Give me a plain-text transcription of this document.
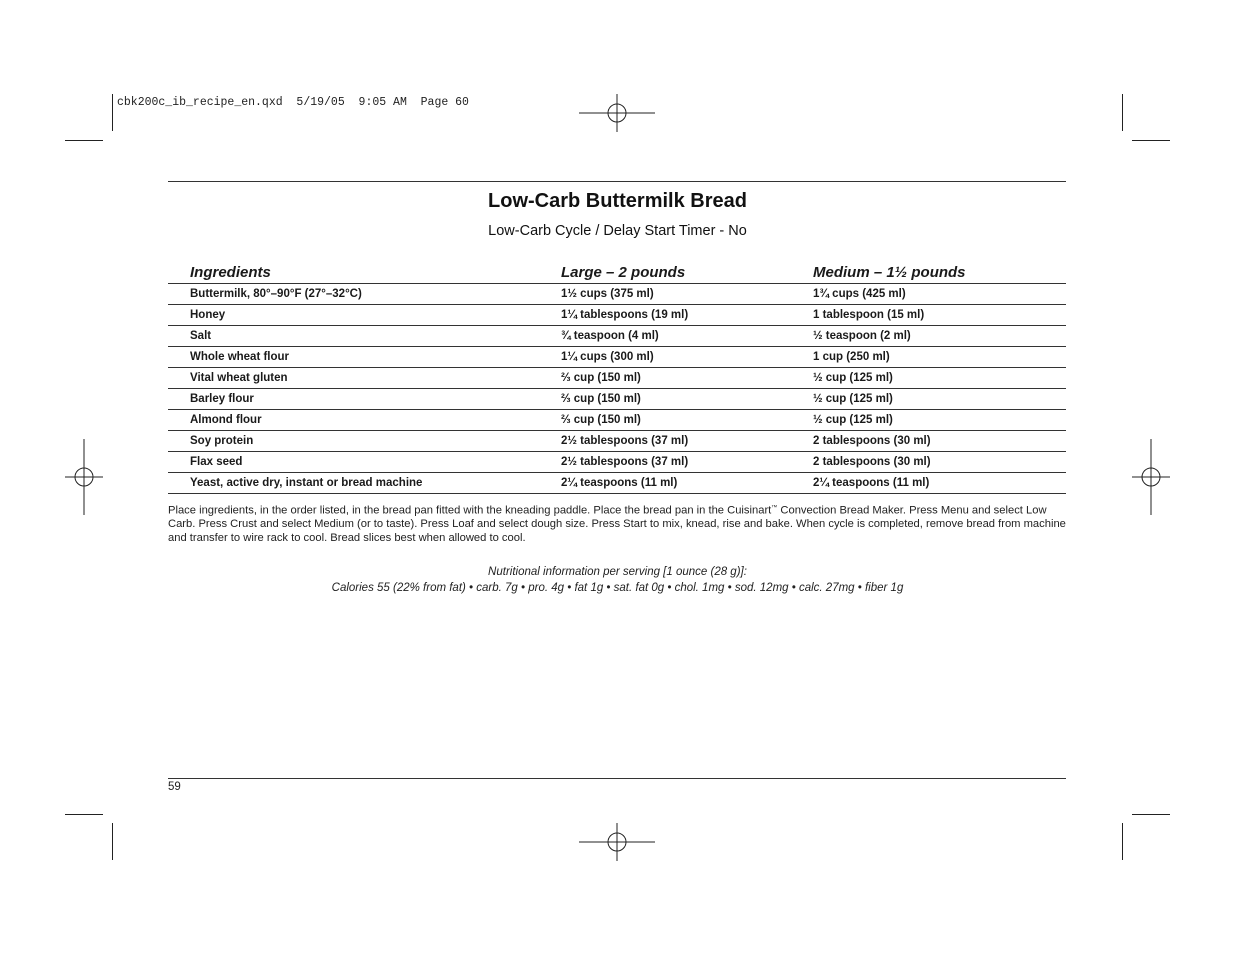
cbk200c_ib_recipe_en.qxd  5/19/05  9:05 AM  Page 60
Low-Carb Buttermilk Bread
Low-Carb Cycle / Delay Start Timer - No
Ingredients	Large – 2 pounds	Medium – 1½ pounds
Buttermilk, 80°–90°F (27°–32°C)	1½ cups (375 ml)	1¾ cups (425 ml)
Honey	1¼ tablespoons (19 ml)	1 tablespoon (15 ml)
Salt	¾ teaspoon (4 ml)	½ teaspoon (2 ml)
Whole wheat flour	1¼ cups (300 ml)	1 cup (250 ml)
Vital wheat gluten	⅔ cup (150 ml)	½ cup (125 ml)
Barley flour	⅔ cup (150 ml)	½ cup (125 ml)
Almond flour	⅔ cup (150 ml)	½ cup (125 ml)
Soy protein	2½ tablespoons (37 ml)	2 tablespoons (30 ml)
Flax seed	2½ tablespoons (37 ml)	2 tablespoons (30 ml)
Yeast, active dry, instant or bread machine	2¼ teaspoons (11 ml)	2¼ teaspoons (11 ml)
Place ingredients, in the order listed, in the bread pan fitted with the kneading paddle. Place the bread pan in the Cuisinart™ Convection Bread Maker. Press Menu and select Low Carb. Press Crust and select Medium (or to taste). Press Loaf and select dough size. Press Start to mix, knead, rise and bake. When cycle is completed, remove bread from machine and transfer to wire rack to cool. Bread slices best when allowed to cool.
Nutritional information per serving [1 ounce (28 g)]:
Calories 55 (22% from fat) • carb. 7g • pro. 4g • fat 1g • sat. fat 0g • chol. 1mg • sod. 12mg • calc. 27mg • fiber 1g
59
